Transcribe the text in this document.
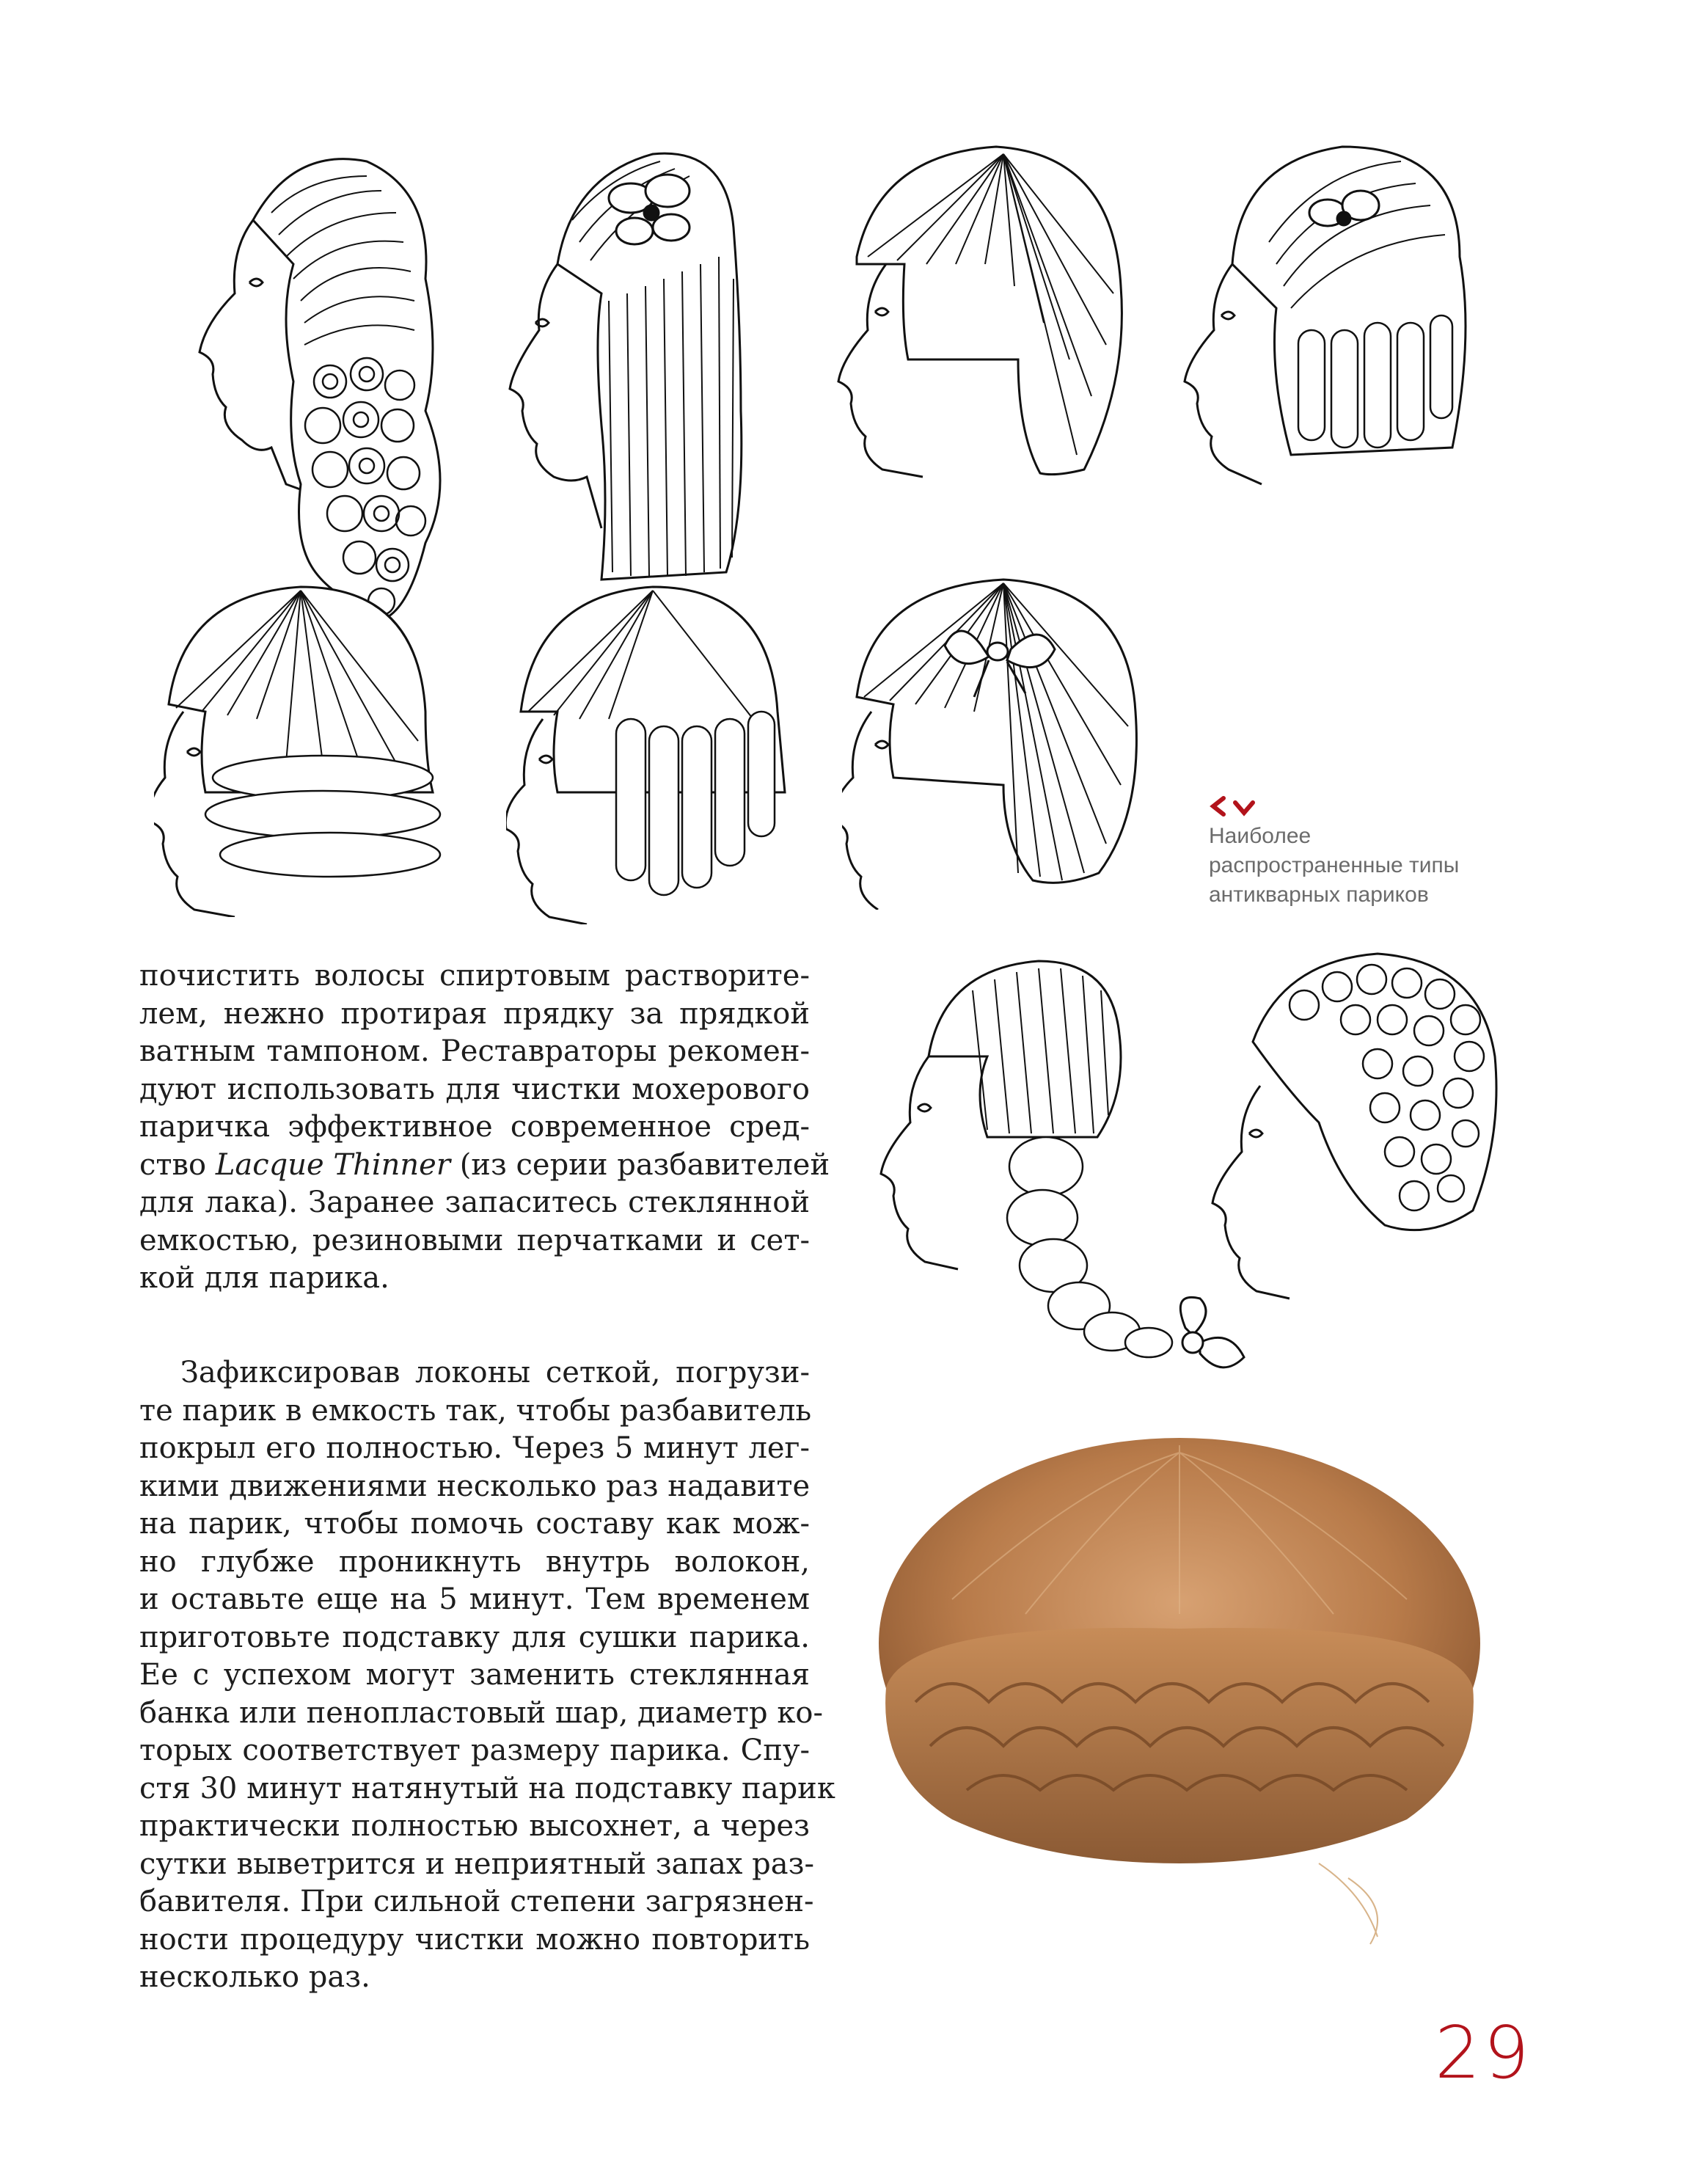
Наиболее
распространенные типы
антикварных париков
почистить волосы спиртовым растворите-
лем, нежно протирая прядку за прядкой
ватным тампоном. Реставраторы рекомен-
дуют использовать для чистки мохерового
паричка эффективное современное сред-
ство Lacque Thinner (из серии разбавителей
для лака). Заранее запаситесь стеклянной
емкостью, резиновыми перчатками и сет-
кой для парика.
Зафиксировав локоны сеткой, погрузи-
те парик в емкость так, чтобы разбавитель
покрыл его полностью. Через 5 минут лег-
кими движениями несколько раз надавите
на парик, чтобы помочь составу как мож-
но глубже проникнуть внутрь волокон,
и оставьте еще на 5 минут. Тем временем
приготовьте подставку для сушки парика.
Ее с успехом могут заменить стеклянная
банка или пенопластовый шар, диаметр ко-
торых соответствует размеру парика. Спу-
стя 30 минут натянутый на подставку парик
практически полностью высохнет, а через
сутки выветрится и неприятный запах раз-
бавителя. При сильной степени загрязнен-
ности процедуру чистки можно повторить
несколько раз.
29
